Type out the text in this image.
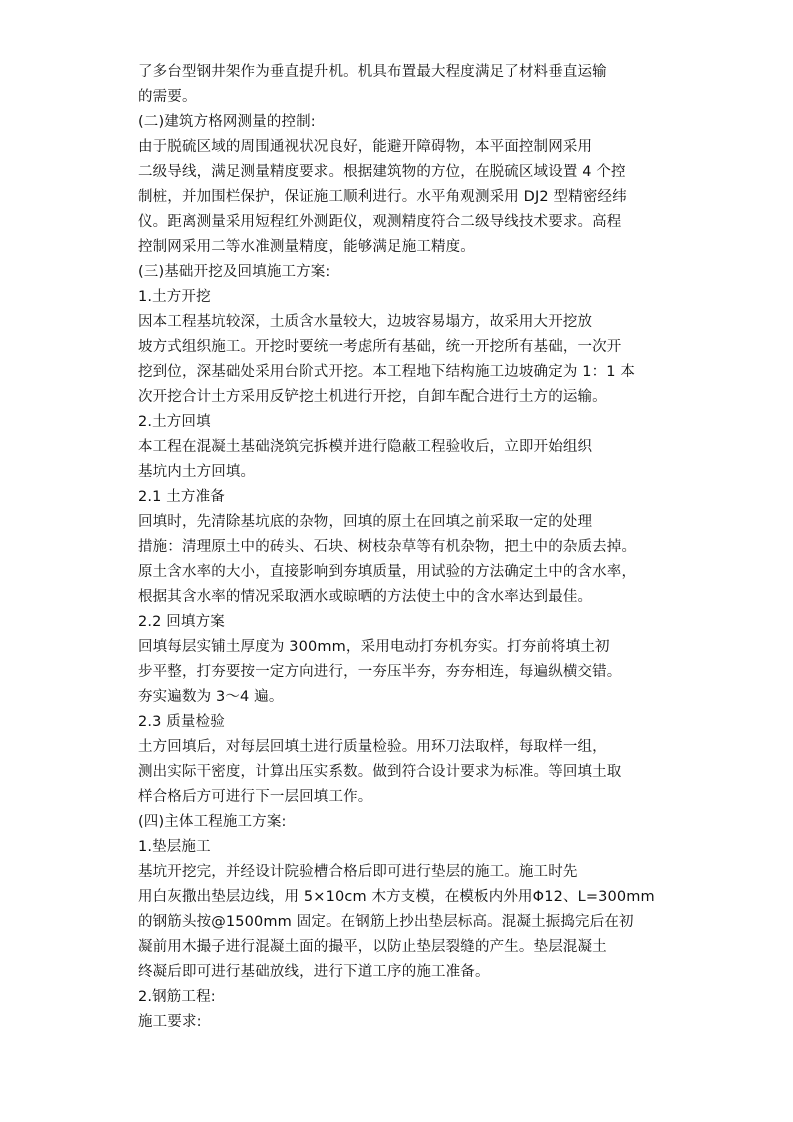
了多台型钢井架作为垂直提升机。机具布置最大程度满足了材料垂直运输
的需要。
(二)建筑方格网测量的控制:
由于脱硫区域的周围通视状况良好，能避开障碍物，本平面控制网采用
二级导线，满足测量精度要求。根据建筑物的方位，在脱硫区域设置 4 个控
制桩，并加围栏保护，保证施工顺利进行。水平角观测采用 DJ2 型精密经纬
仪。距离测量采用短程红外测距仪，观测精度符合二级导线技术要求。高程
控制网采用二等水准测量精度，能够满足施工精度。
(三)基础开挖及回填施工方案:
1.土方开挖
因本工程基坑较深，土质含水量较大，边坡容易塌方，故采用大开挖放
坡方式组织施工。开挖时要统一考虑所有基础，统一开挖所有基础，一次开
挖到位，深基础处采用台阶式开挖。本工程地下结构施工边坡确定为 1：1 本
次开挖合计土方采用反铲挖土机进行开挖，自卸车配合进行土方的运输。
2.土方回填
本工程在混凝土基础浇筑完拆模并进行隐蔽工程验收后，立即开始组织
基坑内土方回填。
2.1 土方准备
回填时，先清除基坑底的杂物，回填的原土在回填之前采取一定的处理
措施：清理原土中的砖头、石块、树枝杂草等有机杂物，把土中的杂质去掉。
原土含水率的大小，直接影响到夯填质量，用试验的方法确定土中的含水率，
根据其含水率的情况采取洒水或晾晒的方法使土中的含水率达到最佳。
2.2 回填方案
回填每层实铺土厚度为 300mm，采用电动打夯机夯实。打夯前将填土初
步平整，打夯要按一定方向进行，一夯压半夯，夯夯相连，每遍纵横交错。
夯实遍数为 3～4 遍。
2.3 质量检验
土方回填后，对每层回填土进行质量检验。用环刀法取样，每取样一组，
测出实际干密度，计算出压实系数。做到符合设计要求为标准。等回填土取
样合格后方可进行下一层回填工作。
(四)主体工程施工方案:
1.垫层施工
基坑开挖完，并经设计院验槽合格后即可进行垫层的施工。施工时先
用白灰撒出垫层边线，用 5×10cm 木方支模，在模板内外用Φ12、L=300mm
的钢筋头按@1500mm 固定。在钢筋上抄出垫层标高。混凝土振捣完后在初
凝前用木撮子进行混凝土面的撮平，以防止垫层裂缝的产生。垫层混凝土
终凝后即可进行基础放线，进行下道工序的施工准备。
2.钢筋工程:
施工要求:
